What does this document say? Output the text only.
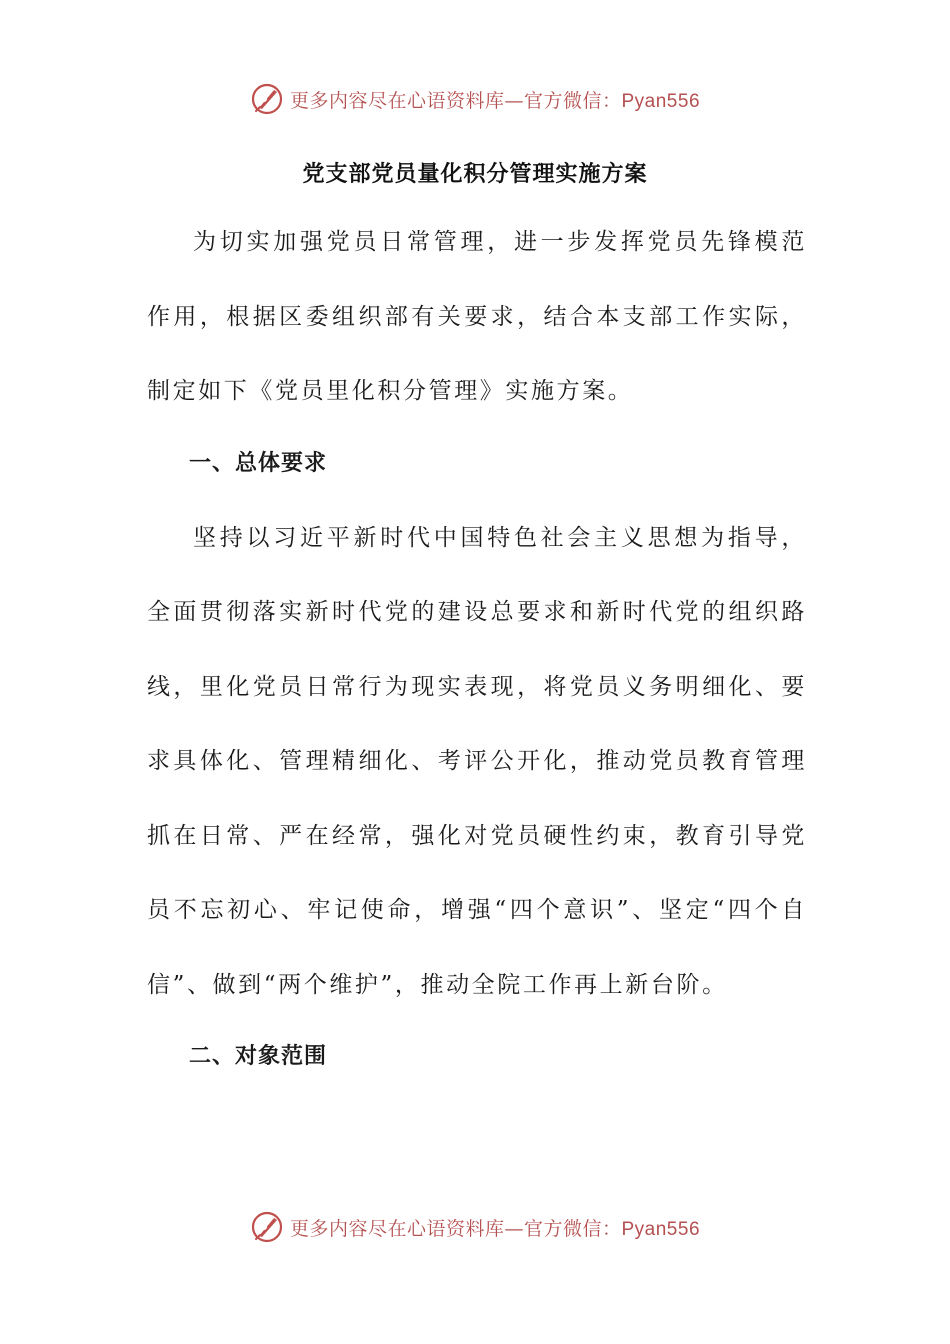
更多内容尽在心语资料库—官方微信：Pyan556
党支部党员量化积分管理实施方案

为切实加强党员日常管理，进一步发挥党员先锋模范作用，根据区委组织部有关要求，结合本支部工作实际，制定如下《党员里化积分管理》实施方案。

一、总体要求

坚持以习近平新时代中国特色社会主义思想为指导，全面贯彻落实新时代党的建设总要求和新时代党的组织路线，里化党员日常行为现实表现，将党员义务明细化、要求具体化、管理精细化、考评公开化，推动党员教育管理抓在日常、严在经常，强化对党员硬性约束，教育引导党员不忘初心、牢记使命，增强“四个意识”、坚定“四个自信”、做到“两个维护”，推动全院工作再上新台阶。

二、对象范围
更多内容尽在心语资料库—官方微信：Pyan556
